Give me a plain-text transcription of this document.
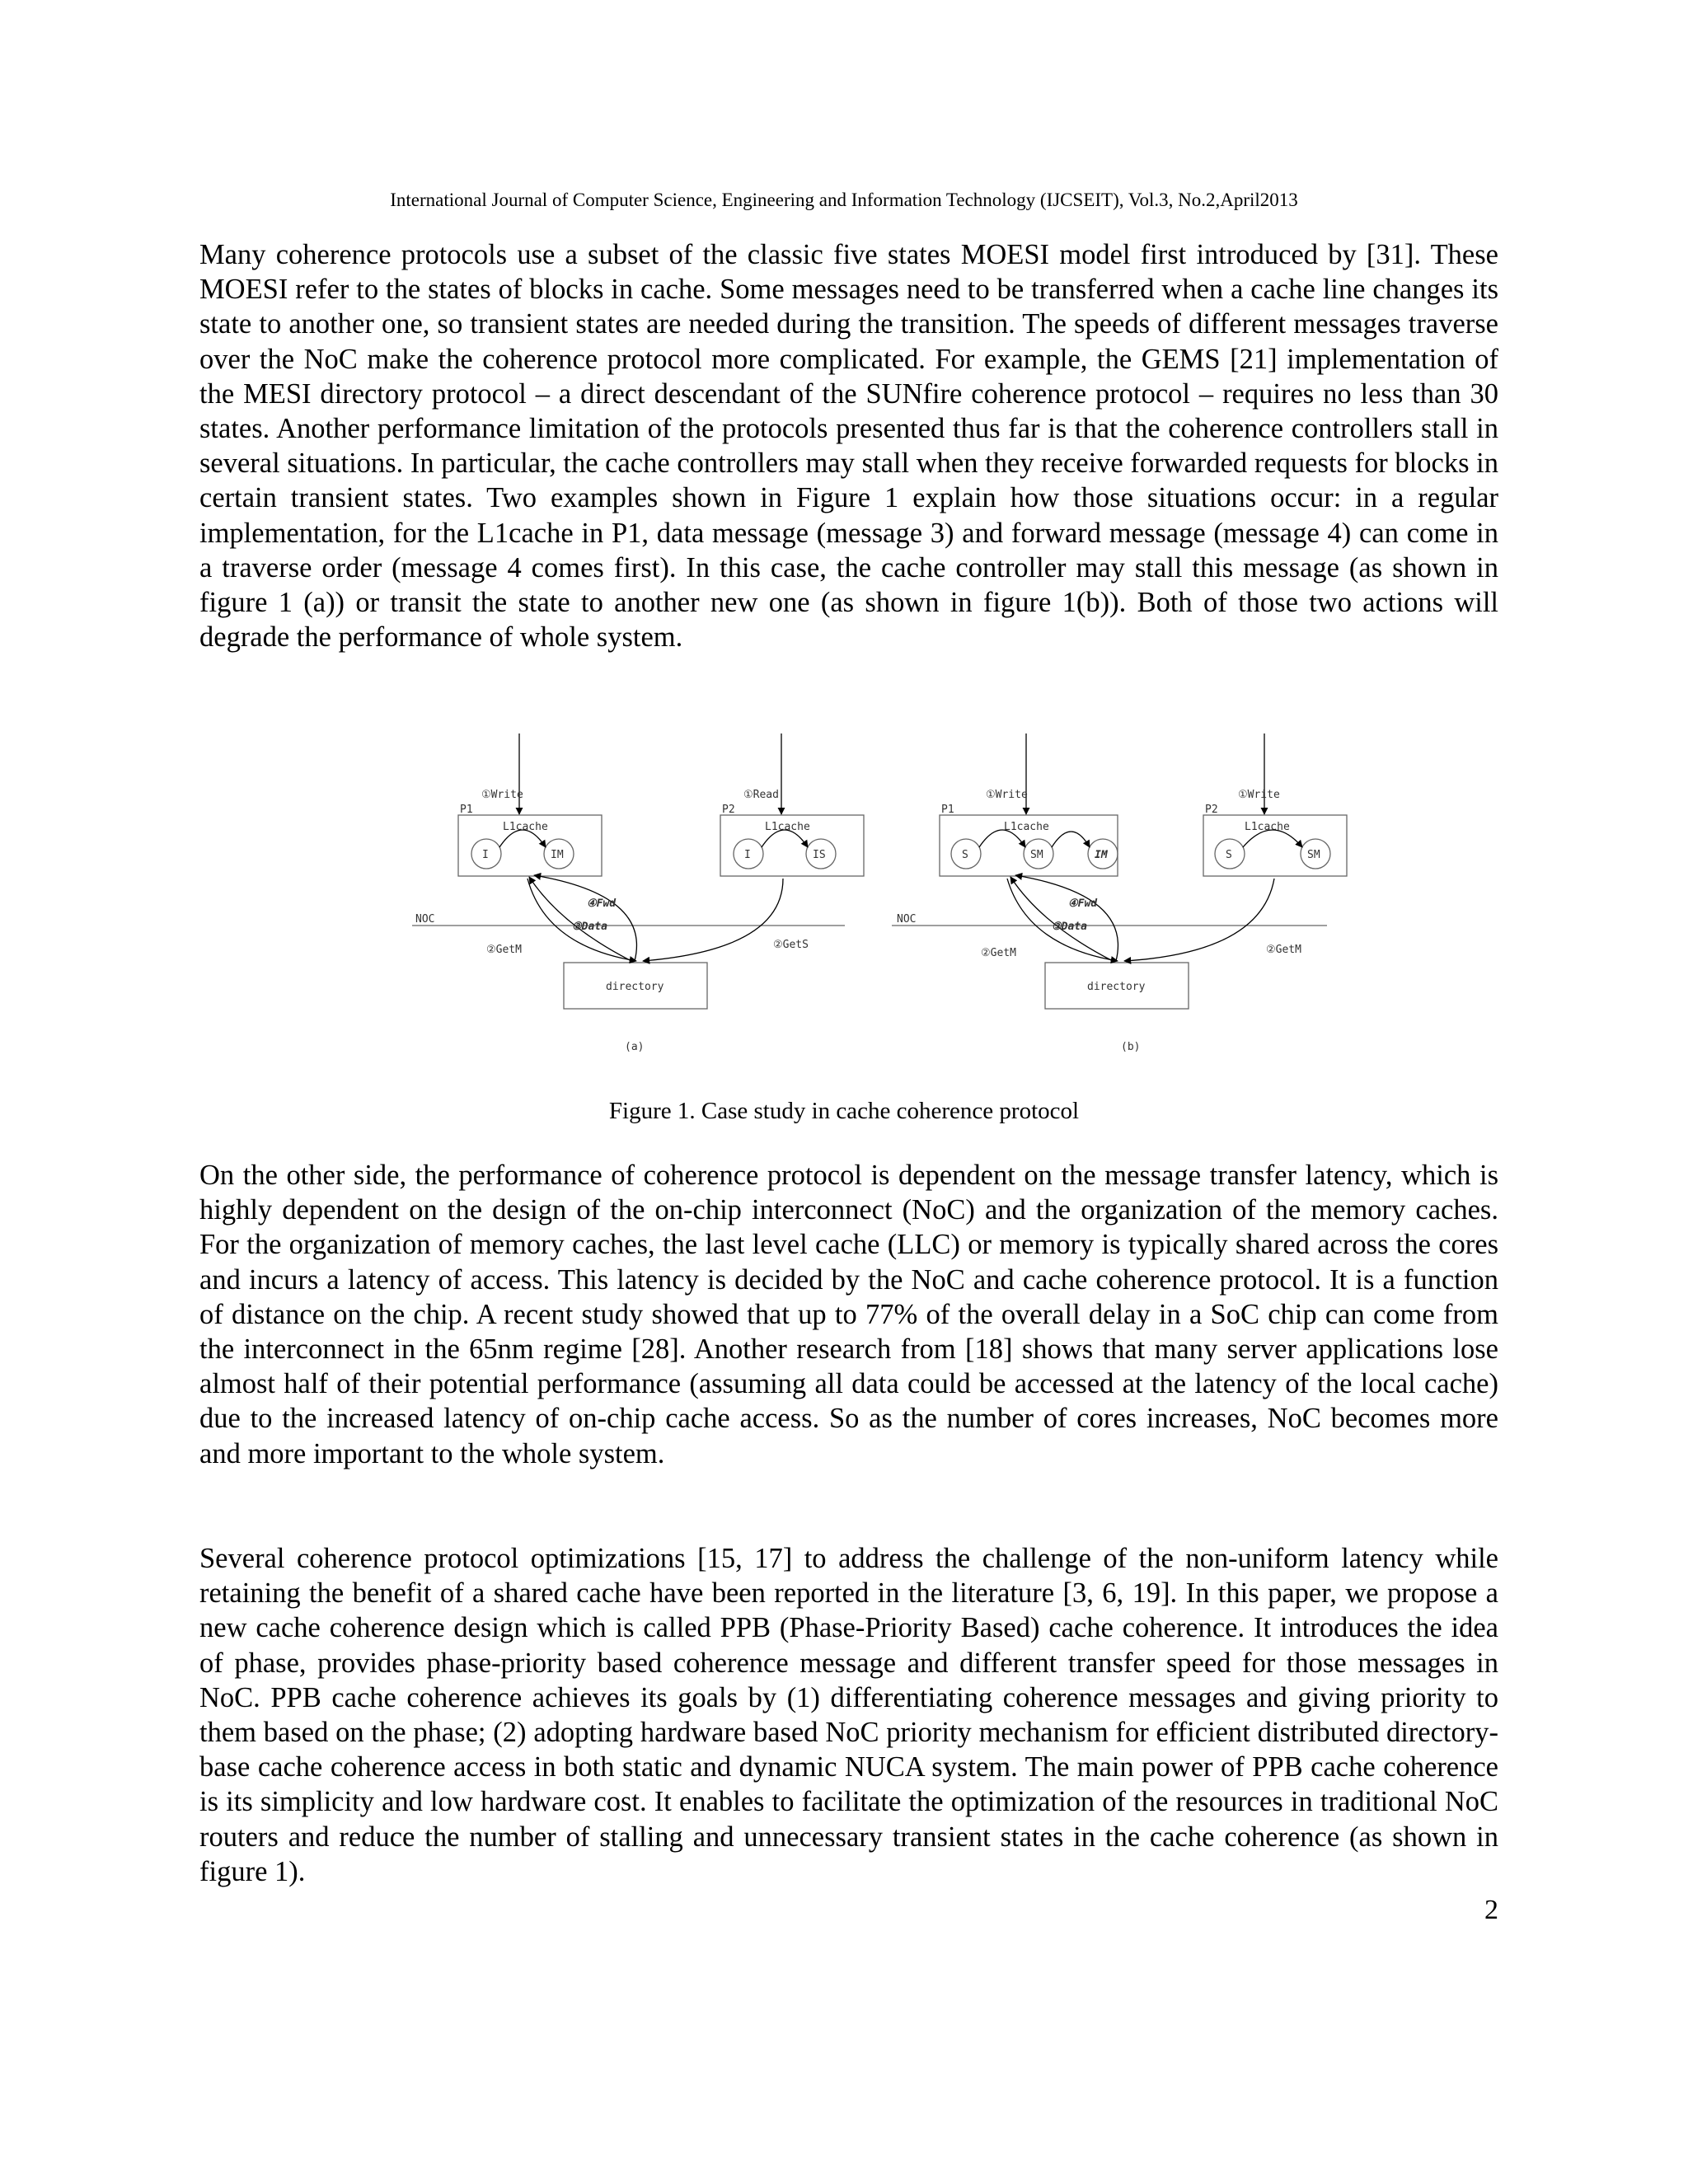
International Journal of Computer Science, Engineering and Information Technology (IJCSEIT), Vol.3, No.2,April2013

Many coherence protocols use a subset of the classic five states MOESI model first introduced by [31]. These MOESI refer to the states of blocks in cache. Some messages need to be transferred when a cache line changes its state to another one, so transient states are needed during the transition. The speeds of different messages traverse over the NoC make the coherence protocol more complicated. For example, the GEMS [21] implementation of the MESI directory protocol – a direct descendant of the SUNfire coherence protocol – requires no less than 30 states. Another performance limitation of the protocols presented thus far is that the coherence controllers stall in several situations. In particular, the cache controllers may stall when they receive forwarded requests for blocks in certain transient states. Two examples shown in Figure 1 explain how those situations occur: in a regular implementation, for the L1cache in P1, data message (message 3) and forward message (message 4) can come in a traverse order (message 4 comes first). In this case, the cache controller may stall this message (as shown in figure 1 (a)) or transit the state to another new one (as shown in figure 1(b)). Both of those two actions will degrade the performance of whole system.

NOC
P1
L1cache
I	IM
①Write
P2
L1cache
I	IS
①Read
directory
②GetM	②GetS
③Data
④Fwd
(a)
NOC
P1
L1cache
S	SM	IM
①Write
P2
L1cache
S	SM
①Write
directory
②GetM	②GetM
③Data
④Fwd
(b)
Figure 1. Case study in cache coherence protocol

On the other side, the performance of coherence protocol is dependent on the message transfer latency, which is highly dependent on the design of the on-chip interconnect (NoC) and the organization of the memory caches. For the organization of memory caches, the last level cache (LLC) or memory is typically shared across the cores and incurs a latency of access. This latency is decided by the NoC and cache coherence protocol. It is a function of distance on the chip. A recent study showed that up to 77% of the overall delay in a SoC chip can come from the interconnect in the 65nm regime [28]. Another research from [18] shows that many server applications lose almost half of their potential performance (assuming all data could be accessed at the latency of the local cache) due to the increased latency of on-chip cache access. So as the number of cores increases, NoC becomes more and more important to the whole system.

Several coherence protocol optimizations [15, 17] to address the challenge of the non-uniform latency while retaining the benefit of a shared cache have been reported in the literature [3, 6, 19]. In this paper, we propose a new cache coherence design which is called PPB (Phase-Priority Based) cache coherence. It introduces the idea of phase, provides phase-priority based coherence message and different transfer speed for those messages in NoC. PPB cache coherence achieves its goals by (1) differentiating coherence messages and giving priority to them based on the phase; (2) adopting hardware based NoC priority mechanism for efficient distributed directory-base cache coherence access in both static and dynamic NUCA system. The main power of PPB cache coherence is its simplicity and low hardware cost. It enables to facilitate the optimization of the resources in traditional NoC routers and reduce the number of stalling and unnecessary transient states in the cache coherence (as shown in figure 1).

2
